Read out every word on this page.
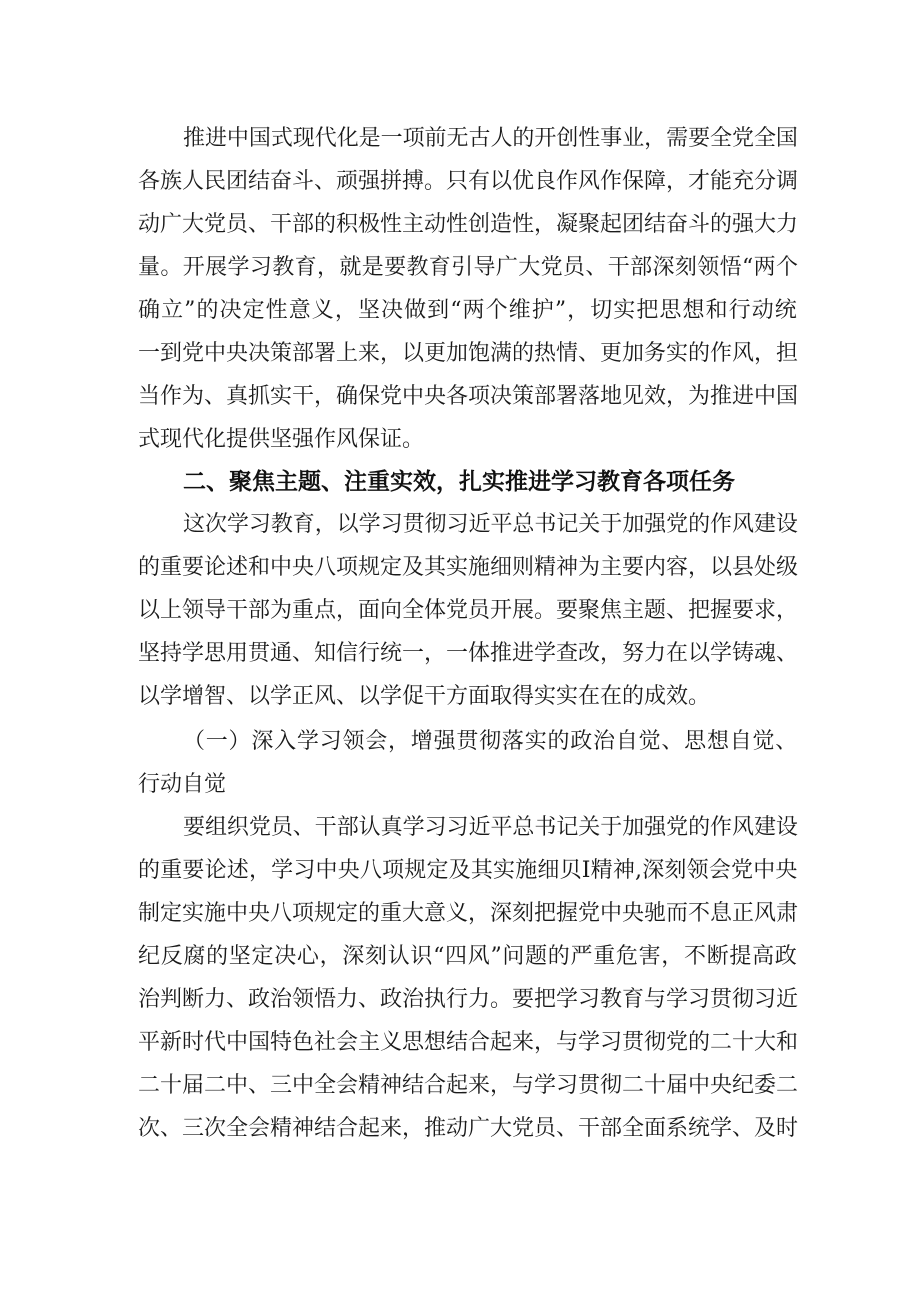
推进中国式现代化是一项前无古人的开创性事业，需要全党全国
各族人民团结奋斗、顽强拼搏。只有以优良作风作保障，才能充分调
动广大党员、干部的积极性主动性创造性，凝聚起团结奋斗的强大力
量。开展学习教育，就是要教育引导广大党员、干部深刻领悟“两个
确立”的决定性意义，坚决做到“两个维护”，切实把思想和行动统
一到党中央决策部署上来，以更加饱满的热情、更加务实的作风，担
当作为、真抓实干，确保党中央各项决策部署落地见效，为推进中国
式现代化提供坚强作风保证。
二、聚焦主题、注重实效，扎实推进学习教育各项任务
这次学习教育，以学习贯彻习近平总书记关于加强党的作风建设
的重要论述和中央八项规定及其实施细则精神为主要内容，以县处级
以上领导干部为重点，面向全体党员开展。要聚焦主题、把握要求，
坚持学思用贯通、知信行统一，一体推进学查改，努力在以学铸魂、
以学增智、以学正风、以学促干方面取得实实在在的成效。
（一）深入学习领会，增强贯彻落实的政治自觉、思想自觉、
行动自觉
要组织党员、干部认真学习习近平总书记关于加强党的作风建设
的重要论述，学习中央八项规定及其实施细贝I精神,深刻领会党中央
制定实施中央八项规定的重大意义，深刻把握党中央驰而不息正风肃
纪反腐的坚定决心，深刻认识“四风”问题的严重危害，不断提高政
治判断力、政治领悟力、政治执行力。要把学习教育与学习贯彻习近
平新时代中国特色社会主义思想结合起来，与学习贯彻党的二十大和
二十届二中、三中全会精神结合起来，与学习贯彻二十届中央纪委二
次、三次全会精神结合起来，推动广大党员、干部全面系统学、及时
